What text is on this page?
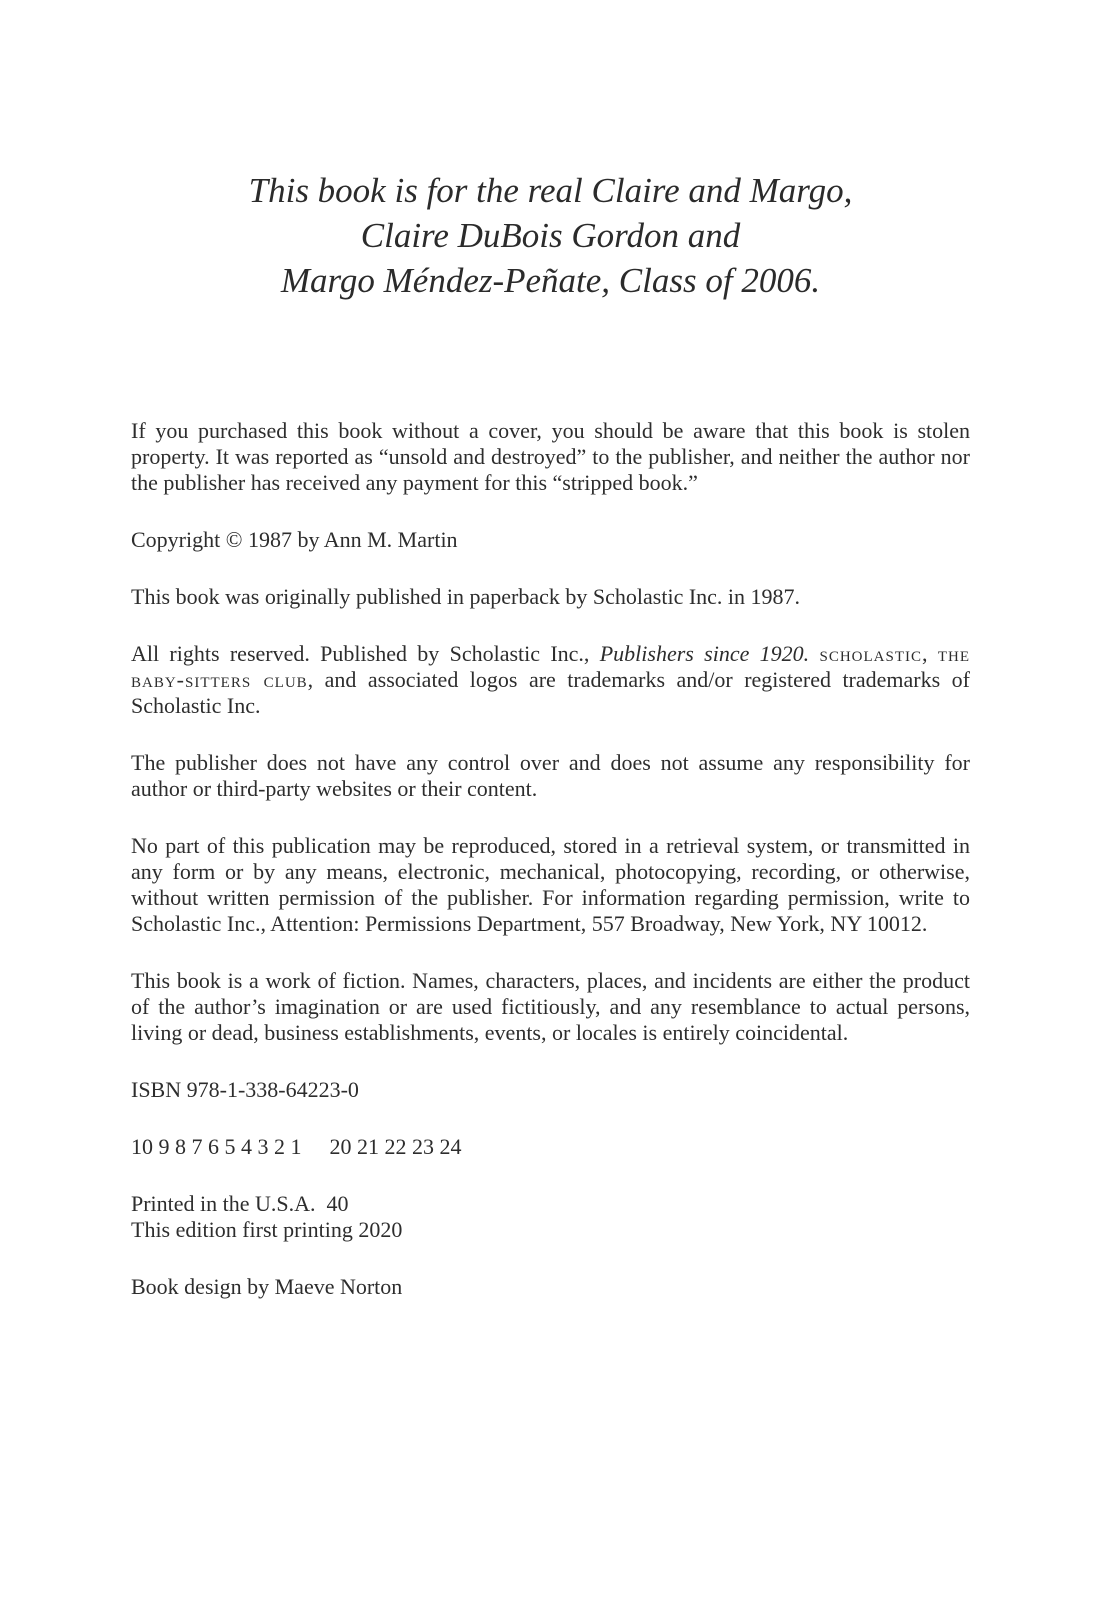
This book is for the real Claire and Margo,
Claire DuBois Gordon and
Margo Méndez-Peñate, Class of 2006.

If you purchased this book without a cover, you should be aware that this book is stolen property. It was reported as “unsold and destroyed” to the publisher, and neither the author nor the publisher has received any payment for this “stripped book.”

Copyright © 1987 by Ann M. Martin

This book was originally published in paperback by Scholastic Inc. in 1987.

All rights reserved. Published by Scholastic Inc., Publishers since 1920. scholastic, the baby-sitters club, and associated logos are trademarks and/or registered trademarks of Scholastic Inc.

The publisher does not have any control over and does not assume any responsibility for author or third-party websites or their content.

No part of this publication may be reproduced, stored in a retrieval system, or transmitted in any form or by any means, electronic, mechanical, photocopying, recording, or otherwise, without written permission of the publisher. For information regarding permission, write to Scholastic Inc., Attention: Permissions Department, 557 Broadway, New York, NY 10012.

This book is a work of fiction. Names, characters, places, and incidents are either the product of the author’s imagination or are used fictitiously, and any resemblance to actual persons, living or dead, business establishments, events, or locales is entirely coincidental.

ISBN 978-1-338-64223-0

10 9 8 7 6 5 4 3 2 1 20 21 22 23 24

Printed in the U.S.A.  40
This edition first printing 2020

Book design by Maeve Norton
